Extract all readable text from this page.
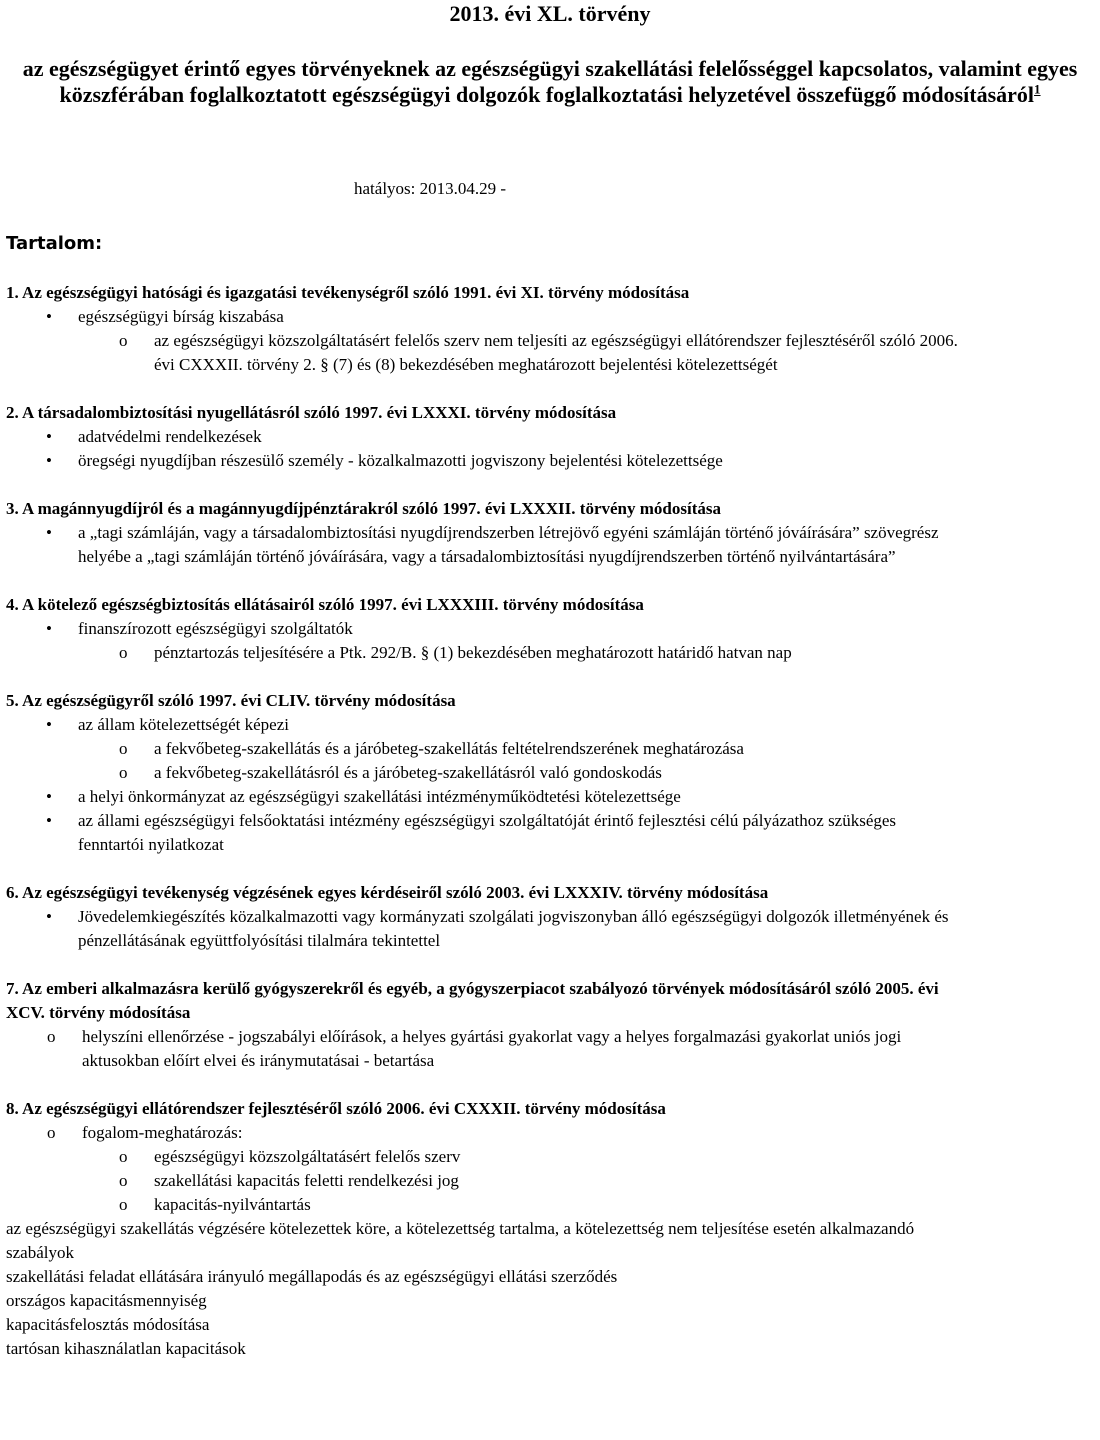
2013. évi XL. törvény
az egészségügyet érintő egyes törvényeknek az egészségügyi szakellátási felelősséggel kapcsolatos, valamint egyes közszférában foglalkoztatott egészségügyi dolgozók foglalkoztatási helyzetével összefüggő módosításáról$^1$
hatályos: 2013.04.29 -
Tartalom:

1. Az egészségügyi hatósági és igazgatási tevékenységről szóló 1991. évi XI. törvény módosítása

• egészségügyi bírság kiszabása
o az egészségügyi közszolgáltatásért felelős szerv nem teljesíti az egészségügyi ellátórendszer fejlesztéséről szóló 2006. évi CXXXII. törvény 2. § (7) és (8) bekezdésében meghatározott bejelentési kötelezettségét

2. A társadalombiztosítási nyugellátásról szóló 1997. évi LXXXI. törvény módosítása

• adatvédelmi rendelkezések
• öregségi nyugdíjban részesülő személy - közalkalmazotti jogviszony bejelentési kötelezettsége

3. A magánnyugdíjról és a magánnyugdíjpénztárakról szóló 1997. évi LXXXII. törvény módosítása

• a „tagi számláján, vagy a társadalombiztosítási nyugdíjrendszerben létrejövő egyéni számláján történő jóváírására” szövegrész helyébe a „tagi számláján történő jóváírására, vagy a társadalombiztosítási nyugdíjrendszerben történő nyilvántartására”

4. A kötelező egészségbiztosítás ellátásairól szóló 1997. évi LXXXIII. törvény módosítása

• finanszírozott egészségügyi szolgáltatók
o pénztartozás teljesítésére a Ptk. 292/B. § (1) bekezdésében meghatározott határidő hatvan nap

5. Az egészségügyről szóló 1997. évi CLIV. törvény módosítása

• az állam kötelezettségét képezi
o a fekvőbeteg-szakellátás és a járóbeteg-szakellátás feltételrendszerének meghatározása
o a fekvőbeteg-szakellátásról és a járóbeteg-szakellátásról való gondoskodás
• a helyi önkormányzat az egészségügyi szakellátási intézményműködtetési kötelezettsége
• az állami egészségügyi felsőoktatási intézmény egészségügyi szolgáltatóját érintő fejlesztési célú pályázathoz szükséges fenntartói nyilatkozat

6. Az egészségügyi tevékenység végzésének egyes kérdéseiről szóló 2003. évi LXXXIV. törvény módosítása

• Jövedelemkiegészítés közalkalmazotti vagy kormányzati szolgálati jogviszonyban álló egészségügyi dolgozók illetményének és pénzellátásának együttfolyósítási tilalmára tekintettel

7. Az emberi alkalmazásra kerülő gyógyszerekről és egyéb, a gyógyszerpiacot szabályozó törvények módosításáról szóló 2005. évi XCV. törvény módosítása

o helyszíni ellenőrzése - jogszabályi előírások, a helyes gyártási gyakorlat vagy a helyes forgalmazási gyakorlat uniós jogi aktusokban előírt elvei és iránymutatásai - betartása

8. Az egészségügyi ellátórendszer fejlesztéséről szóló 2006. évi CXXXII. törvény módosítása

o fogalom-meghatározás:
o egészségügyi közszolgáltatásért felelős szerv
o szakellátási kapacitás feletti rendelkezési jog
o kapacitás-nyilvántartás

az egészségügyi szakellátás végzésére kötelezettek köre, a kötelezettség tartalma, a kötelezettség nem teljesítése esetén alkalmazandó szabályok

szakellátási feladat ellátására irányuló megállapodás és az egészségügyi ellátási szerződés

országos kapacitásmennyiség

kapacitásfelosztás módosítása

tartósan kihasználatlan kapacitások
